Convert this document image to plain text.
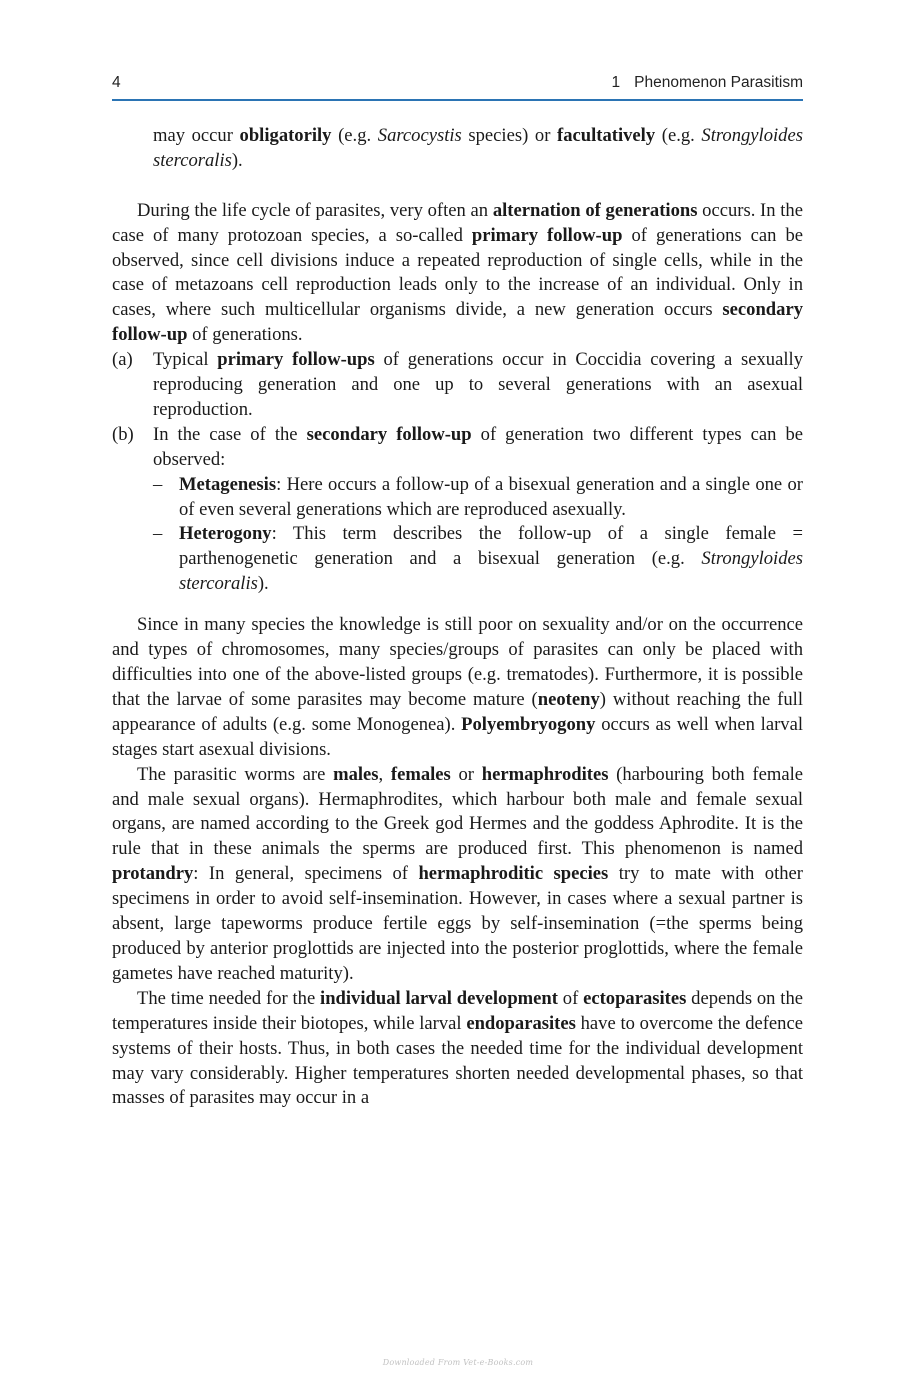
4	1 Phenomenon Parasitism

may occur obligatorily (e.g. Sarcocystis species) or facultatively (e.g. Strongyloides stercoralis).

During the life cycle of parasites, very often an alternation of generations occurs. In the case of many protozoan species, a so-called primary follow-up of generations can be observed, since cell divisions induce a repeated reproduction of single cells, while in the case of metazoans cell reproduction leads only to the increase of an individual. Only in cases, where such multicellular organisms divide, a new generation occurs secondary follow-up of generations.

(a) Typical primary follow-ups of generations occur in Coccidia covering a sexually reproducing generation and one up to several generations with an asexual reproduction.
(b) In the case of the secondary follow-up of generation two different types can be observed:
– Metagenesis: Here occurs a follow-up of a bisexual generation and a single one or of even several generations which are reproduced asexually.
– Heterogony: This term describes the follow-up of a single female = parthenogenetic generation and a bisexual generation (e.g. Strongyloides stercoralis).

Since in many species the knowledge is still poor on sexuality and/or on the occurrence and types of chromosomes, many species/groups of parasites can only be placed with difficulties into one of the above-listed groups (e.g. trematodes). Furthermore, it is possible that the larvae of some parasites may become mature (neoteny) without reaching the full appearance of adults (e.g. some Monogenea). Polyembryogony occurs as well when larval stages start asexual divisions.

The parasitic worms are males, females or hermaphrodites (harbouring both female and male sexual organs). Hermaphrodites, which harbour both male and female sexual organs, are named according to the Greek god Hermes and the goddess Aphrodite. It is the rule that in these animals the sperms are produced first. This phenomenon is named protandry: In general, specimens of hermaphroditic species try to mate with other specimens in order to avoid self-insemination. However, in cases where a sexual partner is absent, large tapeworms produce fertile eggs by self-insemination (=the sperms being produced by anterior proglottids are injected into the posterior proglottids, where the female gametes have reached maturity).

The time needed for the individual larval development of ectoparasites depends on the temperatures inside their biotopes, while larval endoparasites have to overcome the defence systems of their hosts. Thus, in both cases the needed time for the individual development may vary considerably. Higher temperatures shorten needed developmental phases, so that masses of parasites may occur in a

Downloaded From Vet-e-Books.com
